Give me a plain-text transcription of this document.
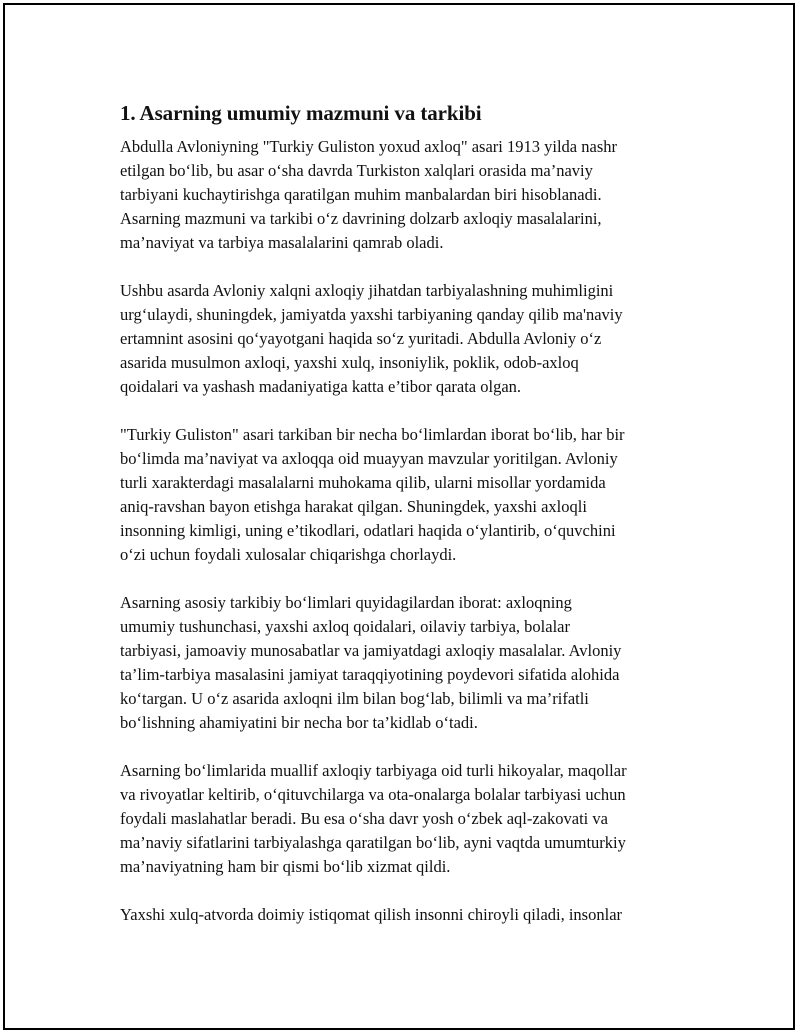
1. Asarning umumiy mazmuni va tarkibi

Abdulla Avloniyning "Turkiy Guliston yoxud axloq" asari 1913 yilda nashr
etilgan bo‘lib, bu asar o‘sha davrda Turkiston xalqlari orasida ma’naviy
tarbiyani kuchaytirishga qaratilgan muhim manbalardan biri hisoblanadi.
Asarning mazmuni va tarkibi o‘z davrining dolzarb axloqiy masalalarini,
ma’naviyat va tarbiya masalalarini qamrab oladi.

Ushbu asarda Avloniy xalqni axloqiy jihatdan tarbiyalashning muhimligini
urg‘ulaydi, shuningdek, jamiyatda yaxshi tarbiyaning qanday qilib ma'naviy
ertamnint asosini qo‘yayotgani haqida so‘z yuritadi. Abdulla Avloniy o‘z
asarida musulmon axloqi, yaxshi xulq, insoniylik, poklik, odob-axloq
qoidalari va yashash madaniyatiga katta e’tibor qarata olgan.

"Turkiy Guliston" asari tarkiban bir necha bo‘limlardan iborat bo‘lib, har bir
bo‘limda ma’naviyat va axloqqa oid muayyan mavzular yoritilgan. Avloniy
turli xarakterdagi masalalarni muhokama qilib, ularni misollar yordamida
aniq-ravshan bayon etishga harakat qilgan. Shuningdek, yaxshi axloqli
insonning kimligi, uning e’tikodlari, odatlari haqida o‘ylantirib, o‘quvchini
o‘zi uchun foydali xulosalar chiqarishga chorlaydi.

Asarning asosiy tarkibiy bo‘limlari quyidagilardan iborat: axloqning
umumiy tushunchasi, yaxshi axloq qoidalari, oilaviy tarbiya, bolalar
tarbiyasi, jamoaviy munosabatlar va jamiyatdagi axloqiy masalalar. Avloniy
ta’lim-tarbiya masalasini jamiyat taraqqiyotining poydevori sifatida alohida
ko‘targan. U o‘z asarida axloqni ilm bilan bog‘lab, bilimli va ma’rifatli
bo‘lishning ahamiyatini bir necha bor ta’kidlab o‘tadi.

Asarning bo‘limlarida muallif axloqiy tarbiyaga oid turli hikoyalar, maqollar
va rivoyatlar keltirib, o‘qituvchilarga va ota-onalarga bolalar tarbiyasi uchun
foydali maslahatlar beradi. Bu esa o‘sha davr yosh o‘zbek aql-zakovati va
ma’naviy sifatlarini tarbiyalashga qaratilgan bo‘lib, ayni vaqtda umumturkiy
ma’naviyatning ham bir qismi bo‘lib xizmat qildi.

Yaxshi xulq-atvorda doimiy istiqomat qilish insonni chiroyli qiladi, insonlar
